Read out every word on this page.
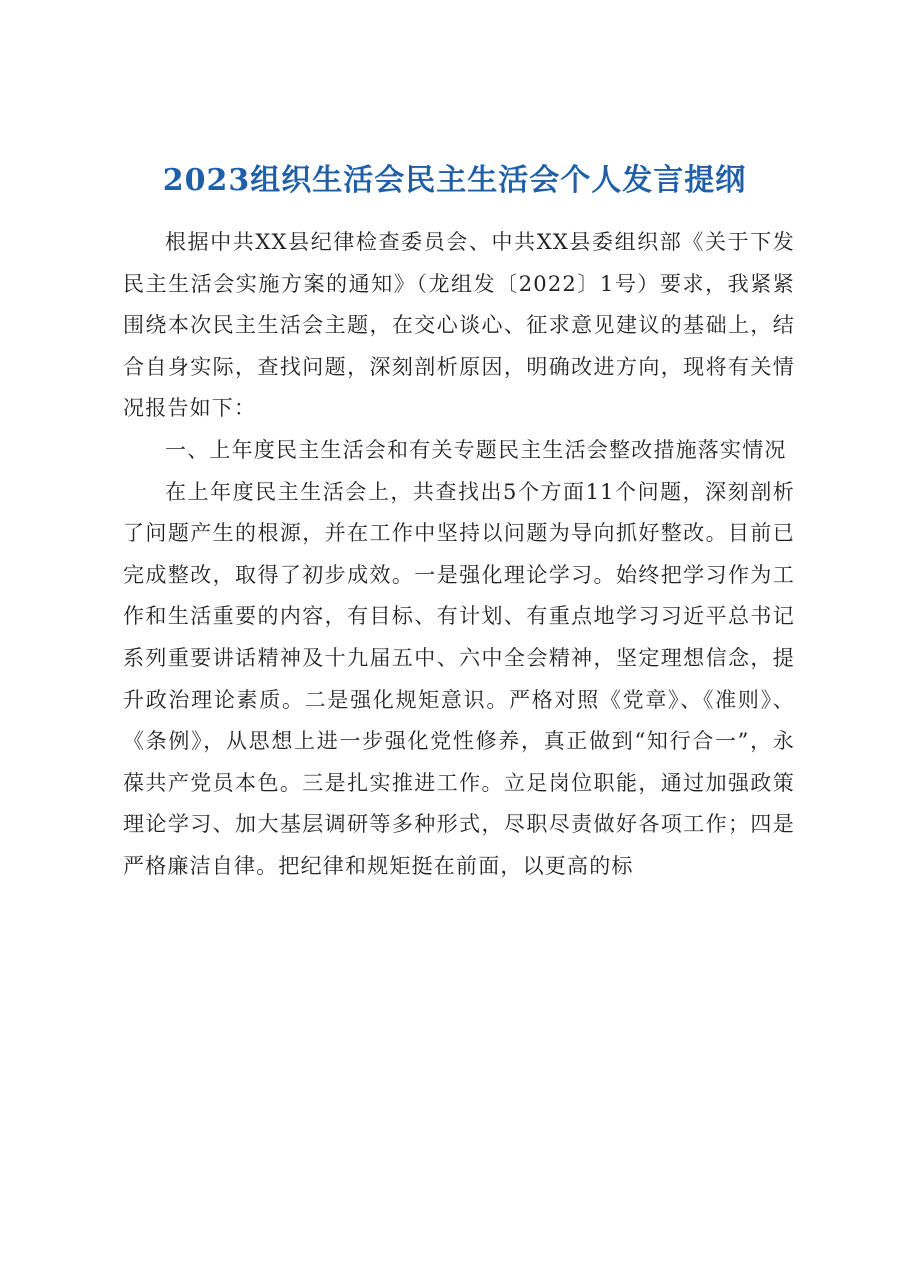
2023组织生活会民主生活会个人发言提纲

根据中共XX县纪律检查委员会、中共XX县委组织部《关于下发民主生活会实施方案的通知》（龙组发〔2022〕1号）要求，我紧紧围绕本次民主生活会主题，在交心谈心、征求意见建议的基础上，结合自身实际，查找问题，深刻剖析原因，明确改进方向，现将有关情况报告如下：

一、上年度民主生活会和有关专题民主生活会整改措施落实情况

在上年度民主生活会上，共查找出5个方面11个问题，深刻剖析了问题产生的根源，并在工作中坚持以问题为导向抓好整改。目前已完成整改，取得了初步成效。一是强化理论学习。始终把学习作为工作和生活重要的内容，有目标、有计划、有重点地学习习近平总书记系列重要讲话精神及十九届五中、六中全会精神，坚定理想信念，提升政治理论素质。二是强化规矩意识。严格对照《党章》、《准则》、《条例》，从思想上进一步强化党性修养，真正做到“知行合一”，永葆共产党员本色。三是扎实推进工作。立足岗位职能，通过加强政策理论学习、加大基层调研等多种形式，尽职尽责做好各项工作；四是严格廉洁自律。把纪律和规矩挺在前面，以更高的标
